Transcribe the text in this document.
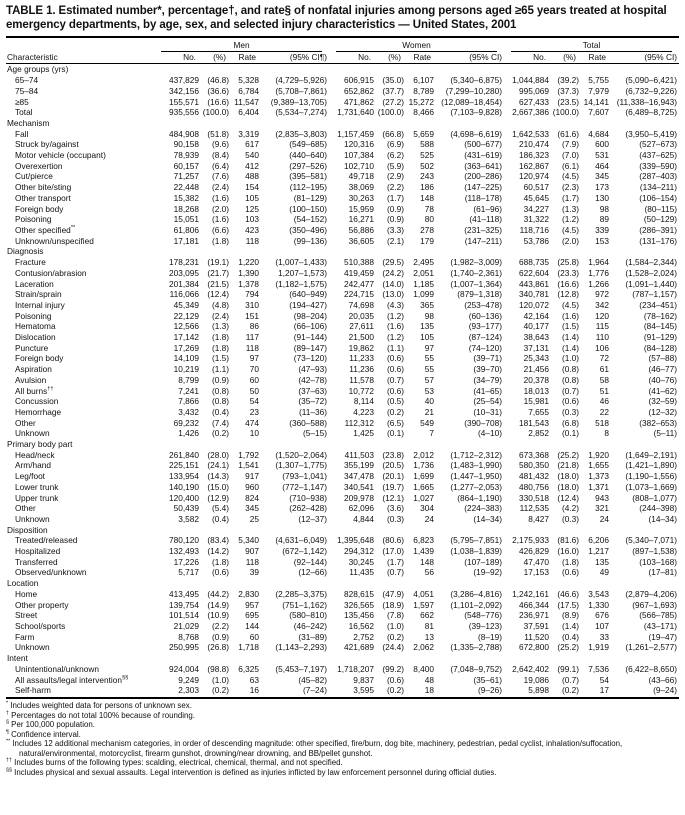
TABLE 1. Estimated number*, percentage†, and rate§ of nonfatal injuries among persons aged ≥65 years treated at hospital emergency departments, by age, sex, and selected injury characteristics — United States, 2001

	Men				Women				Total			

Characteristic	No.	(%)	Rate	(95% CI¶)	No.	(%)	Rate	(95% CI)	No.	(%)	Rate	(95% CI)
Age groups (yrs)												
65–74	437,829	(46.8)	5,328	(4,729–5,926)	606,915	(35.0)	6,107	(5,340–6,875)	1,044,884	(39.2)	5,755	(5,090–6,421)
75–84	342,156	(36.6)	6,784	(5,708–7,861)	652,862	(37.7)	8,789	(7,299–10,280)	995,069	(37.3)	7,979	(6,732–9,226)
≥85	155,571	(16.6)	11,547	(9,389–13,705)	471,862	(27.2)	15,272	(12,089–18,454)	627,433	(23.5)	14,141	(11,338–16,943)
Total	935,556	(100.0)	6,404	(5,534–7,274)	1,731,640	(100.0)	8,466	(7,103–9,828)	2,667,386	(100.0)	7,607	(6,489–8,725)
Mechanism												
Fall	484,908	(51.8)	3,319	(2,835–3,803)	1,157,459	(66.8)	5,659	(4,698–6,619)	1,642,533	(61.6)	4,684	(3,950–5,419)
Struck by/against	90,158	(9.6)	617	(549–685)	120,316	(6.9)	588	(500–677)	210,474	(7.9)	600	(527–673)
Motor vehicle (occupant)	78,939	(8.4)	540	(440–640)	107,384	(6.2)	525	(431–619)	186,323	(7.0)	531	(437–625)
Overexertion	60,157	(6.4)	412	(297–526)	102,710	(5.9)	502	(363–641)	162,867	(6.1)	464	(339–590)
Cut/pierce	71,257	(7.6)	488	(395–581)	49,718	(2.9)	243	(200–286)	120,974	(4.5)	345	(287–403)
Other bite/sting	22,448	(2.4)	154	(112–195)	38,069	(2.2)	186	(147–225)	60,517	(2.3)	173	(134–211)
Other transport	15,382	(1.6)	105	(81–129)	30,263	(1.7)	148	(118–178)	45,645	(1.7)	130	(106–154)
Foreign body	18,268	(2.0)	125	(100–150)	15,959	(0.9)	78	(61–96)	34,227	(1.3)	98	(80–115)
Poisoning	15,051	(1.6)	103	(54–152)	16,271	(0.9)	80	(41–118)	31,322	(1.2)	89	(50–129)
Other specified**	61,806	(6.6)	423	(350–496)	56,886	(3.3)	278	(231–325)	118,716	(4.5)	339	(286–391)
Unknown/unspecified	17,181	(1.8)	118	(99–136)	36,605	(2.1)	179	(147–211)	53,786	(2.0)	153	(131–176)
Diagnosis												
Fracture	178,231	(19.1)	1,220	(1,007–1,433)	510,388	(29.5)	2,495	(1,982–3,009)	688,735	(25.8)	1,964	(1,584–2,344)
Contusion/abrasion	203,095	(21.7)	1,390	1,207–1,573)	419,459	(24.2)	2,051	(1,740–2,361)	622,604	(23.3)	1,776	(1,528–2,024)
Laceration	201,384	(21.5)	1,378	(1,182–1,575)	242,477	(14.0)	1,185	(1,007–1,364)	443,861	(16.6)	1,266	(1,091–1,440)
Strain/sprain	116,066	(12.4)	794	(640–949)	224,715	(13.0)	1,099	(879–1,318)	340,781	(12.8)	972	(787–1,157)
Internal injury	45,349	(4.8)	310	(194–427)	74,698	(4.3)	365	(253–478)	120,072	(4.5)	342	(234–451)
Poisoning	22,129	(2.4)	151	(98–204)	20,035	(1.2)	98	(60–136)	42,164	(1.6)	120	(78–162)
Hematoma	12,566	(1.3)	86	(66–106)	27,611	(1.6)	135	(93–177)	40,177	(1.5)	115	(84–145)
Dislocation	17,142	(1.8)	117	(91–144)	21,500	(1.2)	105	(87–124)	38,643	(1.4)	110	(91–129)
Puncture	17,269	(1.8)	118	(89–147)	19,862	(1.1)	97	(74–120)	37,131	(1.4)	106	(84–128)
Foreign body	14,109	(1.5)	97	(73–120)	11,233	(0.6)	55	(39–71)	25,343	(1.0)	72	(57–88)
Aspiration	10,219	(1.1)	70	(47–93)	11,236	(0.6)	55	(39–70)	21,456	(0.8)	61	(46–77)
Avulsion	8,799	(0.9)	60	(42–78)	11,578	(0.7)	57	(34–79)	20,378	(0.8)	58	(40–76)
All burns††	7,241	(0.8)	50	(37–63)	10,772	(0.6)	53	(41–65)	18,013	(0.7)	51	(41–62)
Concussion	7,866	(0.8)	54	(35–72)	8,114	(0.5)	40	(25–54)	15,981	(0.6)	46	(32–59)
Hemorrhage	3,432	(0.4)	23	(11–36)	4,223	(0.2)	21	(10–31)	7,655	(0.3)	22	(12–32)
Other	69,232	(7.4)	474	(360–588)	112,312	(6.5)	549	(390–708)	181,543	(6.8)	518	(382–653)
Unknown	1,426	(0.2)	10	(5–15)	1,425	(0.1)	7	(4–10)	2,852	(0.1)	8	(5–11)
Primary body part												
Head/neck	261,840	(28.0)	1,792	(1,520–2,064)	411,503	(23.8)	2,012	(1,712–2,312)	673,368	(25.2)	1,920	(1,649–2,191)
Arm/hand	225,151	(24.1)	1,541	(1,307–1,775)	355,199	(20.5)	1,736	(1,483–1,990)	580,350	(21.8)	1,655	(1,421–1,890)
Leg/foot	133,954	(14.3)	917	(793–1,041)	347,478	(20.1)	1,699	(1,447–1,950)	481,432	(18.0)	1,373	(1,190–1,556)
Lower trunk	140,190	(15.0)	960	(772–1,147)	340,541	(19.7)	1,665	(1,277–2,053)	480,756	(18.0)	1,371	(1,073–1,669)
Upper trunk	120,400	(12.9)	824	(710–938)	209,978	(12.1)	1,027	(864–1,190)	330,518	(12.4)	943	(808–1,077)
Other	50,439	(5.4)	345	(262–428)	62,096	(3.6)	304	(224–383)	112,535	(4.2)	321	(244–398)
Unknown	3,582	(0.4)	25	(12–37)	4,844	(0.3)	24	(14–34)	8,427	(0.3)	24	(14–34)
Disposition												
Treated/released	780,120	(83.4)	5,340	(4,631–6,049)	1,395,648	(80.6)	6,823	(5,795–7,851)	2,175,933	(81.6)	6,206	(5,340–7,071)
Hospitalized	132,493	(14.2)	907	(672–1,142)	294,312	(17.0)	1,439	(1,038–1,839)	426,829	(16.0)	1,217	(897–1,538)
Transferred	17,226	(1.8)	118	(92–144)	30,245	(1.7)	148	(107–189)	47,470	(1.8)	135	(103–168)
Observed/unknown	5,717	(0.6)	39	(12–66)	11,435	(0.7)	56	(19–92)	17,153	(0.6)	49	(17–81)
Location												
Home	413,495	(44.2)	2,830	(2,285–3,375)	828,615	(47.9)	4,051	(3,286–4,816)	1,242,161	(46.6)	3,543	(2,879–4,206)
Other property	139,754	(14.9)	957	(751–1,162)	326,565	(18.9)	1,597	(1,101–2,092)	466,344	(17.5)	1,330	(967–1,693)
Street	101,514	(10.9)	695	(580–810)	135,456	(7.8)	662	(548–776)	236,971	(8.9)	676	(566–785)
School/sports	21,029	(2.2)	144	(46–242)	16,562	(1.0)	81	(39–123)	37,591	(1.4)	107	(43–171)
Farm	8,768	(0.9)	60	(31–89)	2,752	(0.2)	13	(8–19)	11,520	(0.4)	33	(19–47)
Unknown	250,995	(26.8)	1,718	(1,143–2,293)	421,689	(24.4)	2,062	(1,335–2,788)	672,800	(25.2)	1,919	(1,261–2,577)
Intent												
Unintentional/unknown	924,004	(98.8)	6,325	(5,453–7,197)	1,718,207	(99.2)	8,400	(7,048–9,752)	2,642,402	(99.1)	7,536	(6,422–8,650)
All assaults/legal intervention§§	9,249	(1.0)	63	(45–82)	9,837	(0.6)	48	(35–61)	19,086	(0.7)	54	(43–66)
Self-harm	2,303	(0.2)	16	(7–24)	3,595	(0.2)	18	(9–26)	5,898	(0.2)	17	(9–24)
* Includes weighted data for persons of unknown sex.
† Percentages do not total 100% because of rounding.
§ Per 100,000 population.
¶ Confidence interval.
** Includes 12 additional mechanism categories, in order of descending magnitude: other specified, fire/burn, dog bite, machinery, pedestrian, pedal cyclist, inhalation/suffocation, natural/environmental, motorcyclist, firearm gunshot, drowning/near drowning, and BB/pellet gunshot.
†† Includes burns of the following types: scalding, electrical, chemical, thermal, and not specified.
§§ Includes physical and sexual assaults. Legal intervention is defined as injuries inflicted by law enforcement personnel during official duties.
